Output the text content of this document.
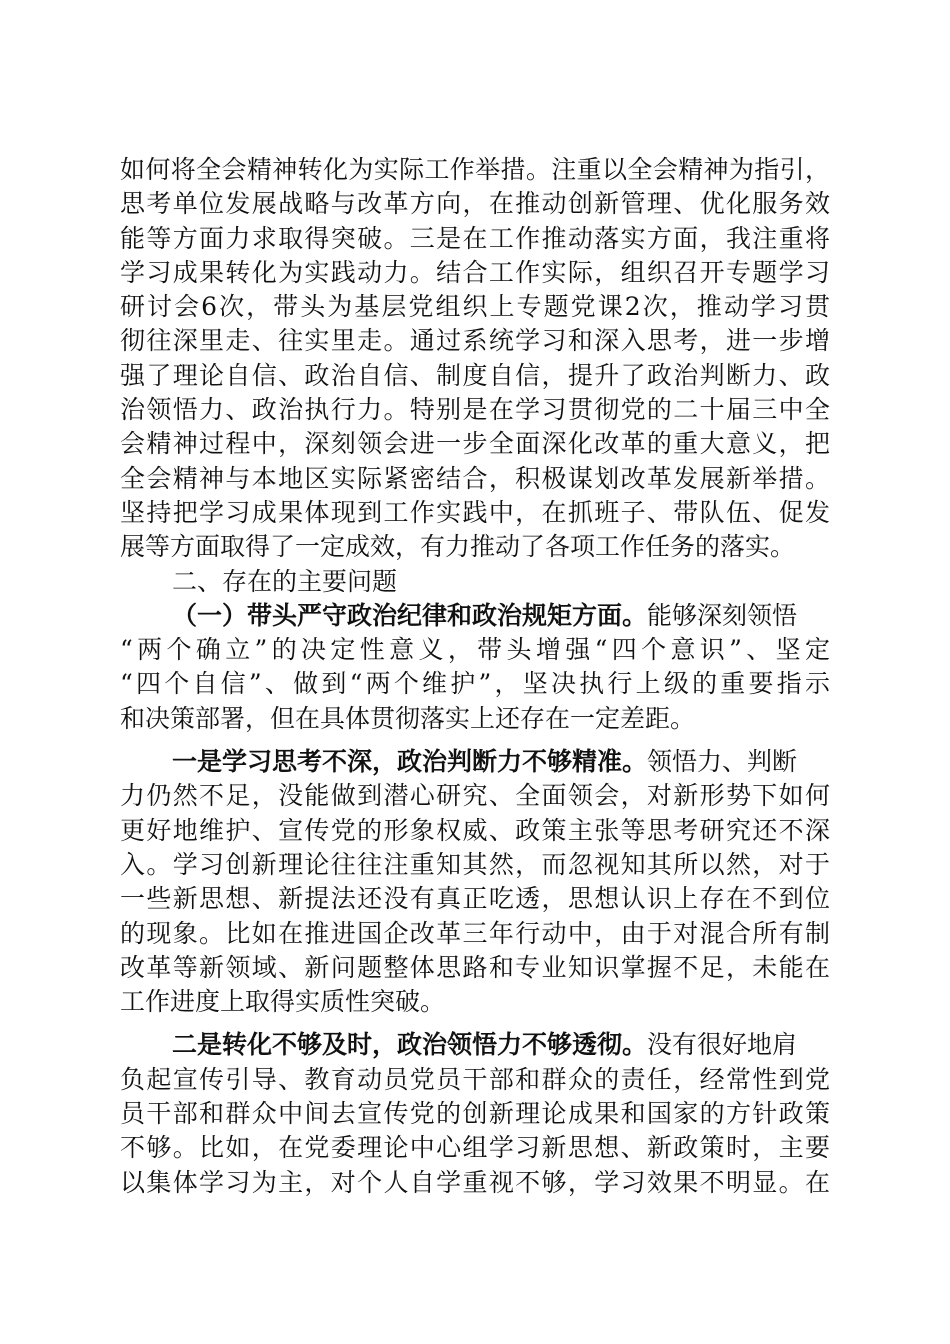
如何将全会精神转化为实际工作举措。注重以全会精神为指引，
思考单位发展战略与改革方向，在推动创新管理、优化服务效
能等方面力求取得突破。三是在工作推动落实方面，我注重将
学习成果转化为实践动力。结合工作实际，组织召开专题学习
研讨会6次，带头为基层党组织上专题党课2次，推动学习贯
彻往深里走、往实里走。通过系统学习和深入思考，进一步增
强了理论自信、政治自信、制度自信，提升了政治判断力、政
治领悟力、政治执行力。特别是在学习贯彻党的二十届三中全
会精神过程中，深刻领会进一步全面深化改革的重大意义，把
全会精神与本地区实际紧密结合，积极谋划改革发展新举措。
坚持把学习成果体现到工作实践中，在抓班子、带队伍、促发
展等方面取得了一定成效，有力推动了各项工作任务的落实。
二、存在的主要问题
（一）带头严守政治纪律和政治规矩方面。 能够深刻领悟
“两个确立”的决定性意义，带头增强“四个意识”、坚定
“四个自信”、做到“两个维护”，坚决执行上级的重要指示
和决策部署，但在具体贯彻落实上还存在一定差距。
一是学习思考不深，政治判断力不够精准。 领悟力、判断
力仍然不足，没能做到潜心研究、全面领会，对新形势下如何
更好地维护、宣传党的形象权威、政策主张等思考研究还不深
入。学习创新理论往往注重知其然，而忽视知其所以然，对于
一些新思想、新提法还没有真正吃透，思想认识上存在不到位
的现象。比如在推进国企改革三年行动中，由于对混合所有制
改革等新领域、新问题整体思路和专业知识掌握不足，未能在
工作进度上取得实质性突破。
二是转化不够及时，政治领悟力不够透彻。 没有很好地肩
负起宣传引导、教育动员党员干部和群众的责任，经常性到党
员干部和群众中间去宣传党的创新理论成果和国家的方针政策
不够。比如，在党委理论中心组学习新思想、新政策时，主要
以集体学习为主，对个人自学重视不够，学习效果不明显。在
